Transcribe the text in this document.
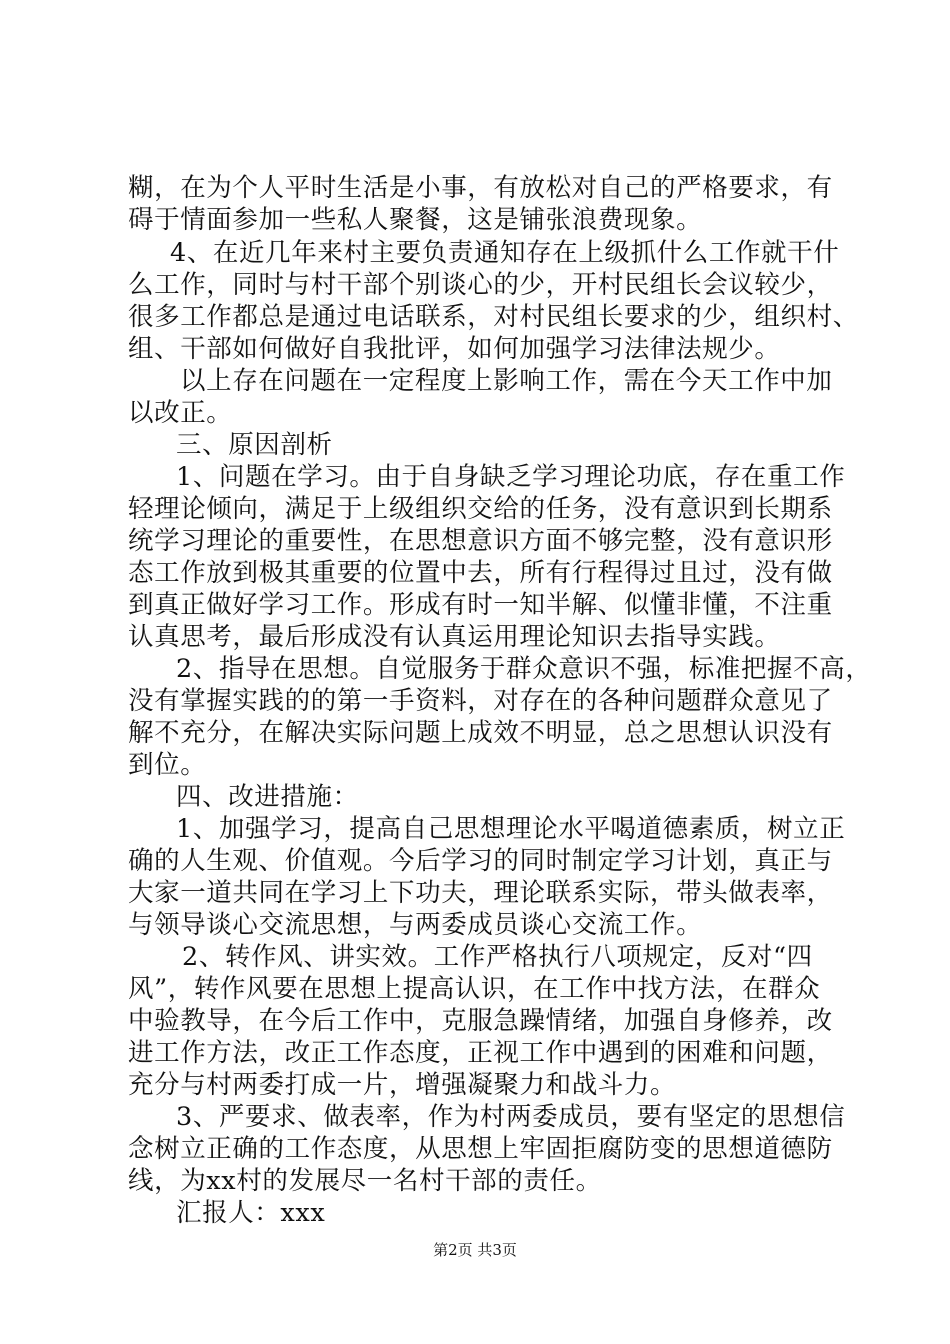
糊，在为个人平时生活是小事，有放松对自己的严格要求，有
碍于情面参加一些私人聚餐，这是铺张浪费现象。
4、在近几年来村主要负责通知存在上级抓什么工作就干什
么工作，同时与村干部个别谈心的少，开村民组长会议较少，
很多工作都总是通过电话联系，对村民组长要求的少，组织村、
组、干部如何做好自我批评，如何加强学习法律法规少。
以上存在问题在一定程度上影响工作，需在今天工作中加
以改正。
三、原因剖析
1、问题在学习。由于自身缺乏学习理论功底，存在重工作
轻理论倾向，满足于上级组织交给的任务，没有意识到长期系
统学习理论的重要性，在思想意识方面不够完整，没有意识形
态工作放到极其重要的位置中去，所有行程得过且过，没有做
到真正做好学习工作。形成有时一知半解、似懂非懂，不注重
认真思考，最后形成没有认真运用理论知识去指导实践。
2、指导在思想。自觉服务于群众意识不强，标准把握不高，
没有掌握实践的的第一手资料，对存在的各种问题群众意见了
解不充分，在解决实际问题上成效不明显，总之思想认识没有
到位。
四、改进措施：
1、加强学习，提高自己思想理论水平喝道德素质，树立正
确的人生观、价值观。今后学习的同时制定学习计划，真正与
大家一道共同在学习上下功夫，理论联系实际，带头做表率，
与领导谈心交流思想，与两委成员谈心交流工作。
2、转作风、讲实效。工作严格执行八项规定，反对“四
风”，转作风要在思想上提高认识，在工作中找方法，在群众
中验教导，在今后工作中，克服急躁情绪，加强自身修养，改
进工作方法，改正工作态度，正视工作中遇到的困难和问题，
充分与村两委打成一片，增强凝聚力和战斗力。
3、严要求、做表率，作为村两委成员，要有坚定的思想信
念树立正确的工作态度，从思想上牢固拒腐防变的思想道德防
线，为xx村的发展尽一名村干部的责任。
汇报人：xxx
第2页 共3页
